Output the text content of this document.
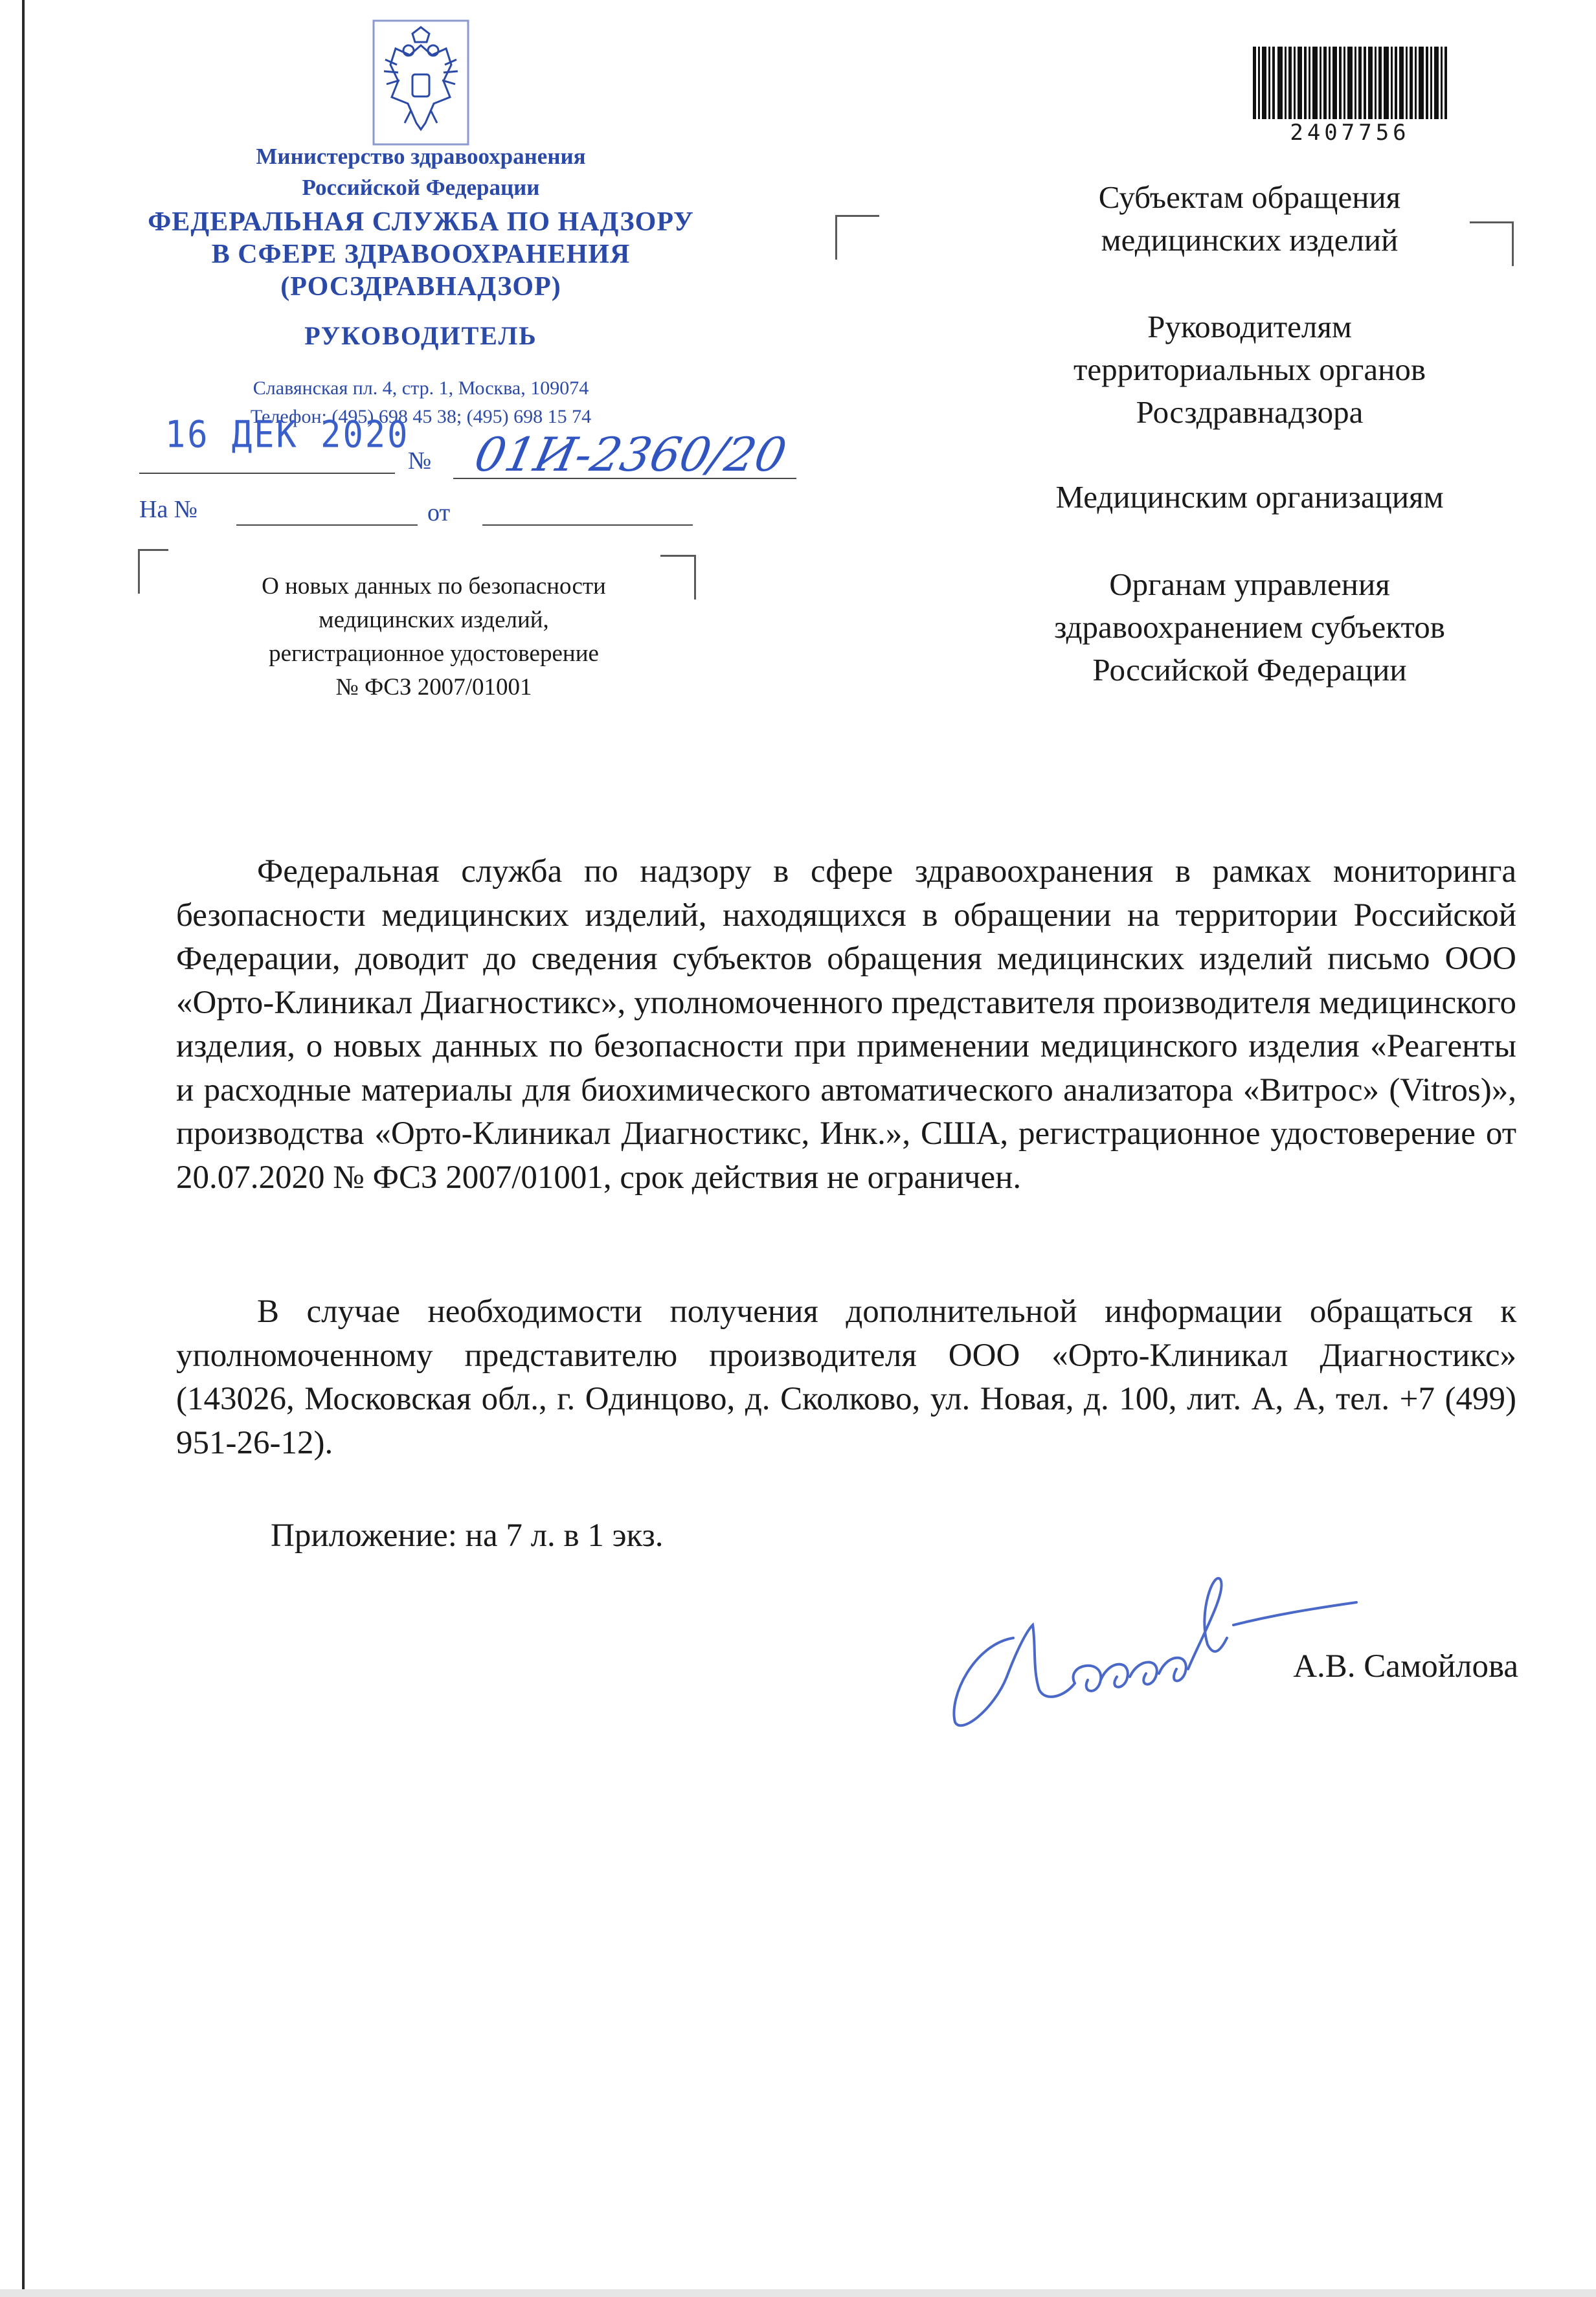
Министерство здравоохранения
Российской Федерации
ФЕДЕРАЛЬНАЯ СЛУЖБА ПО НАДЗОРУ
В СФЕРЕ ЗДРАВООХРАНЕНИЯ
(РОСЗДРАВНАДЗОР)
РУКОВОДИТЕЛЬ
Славянская пл. 4, стр. 1, Москва, 109074
Телефон: (495) 698 45 38; (495) 698 15 74
16 ДЕК 2020
№ 01И-2360/20
На №	от
О новых данных по безопасности
медицинских изделий,
регистрационное удостоверение
№ ФСЗ 2007/01001
2407756
Субъектам обращения
медицинских изделий
Руководителям
территориальных органов
Росздравнадзора
Медицинским организациям
Органам управления
здравоохранением субъектов
Российской Федерации

Федеральная служба по надзору в сфере здравоохранения в рамках мониторинга безопасности медицинских изделий, находящихся в обращении на территории Российской Федерации, доводит до сведения субъектов обращения медицинских изделий письмо ООО «Орто-Клиникал Диагностикс», уполномоченного представителя производителя медицинского изделия, о новых данных по безопасности при применении медицинского изделия «Реагенты и расходные материалы для биохимического автоматического анализатора «Витрос» (Vitros)», производства «Орто-Клиникал Диагностикс, Инк.», США, регистрационное удостоверение от 20.07.2020 № ФСЗ 2007/01001, срок действия не ограничен.

В случае необходимости получения дополнительной информации обращаться к уполномоченному представителю производителя ООО «Орто-Клиникал Диагностикс» (143026, Московская обл., г. Одинцово, д. Сколково, ул. Новая, д. 100, лит. А, А, тел. +7 (499) 951-26-12).

Приложение: на 7 л. в 1 экз.
А.В. Самойлова
